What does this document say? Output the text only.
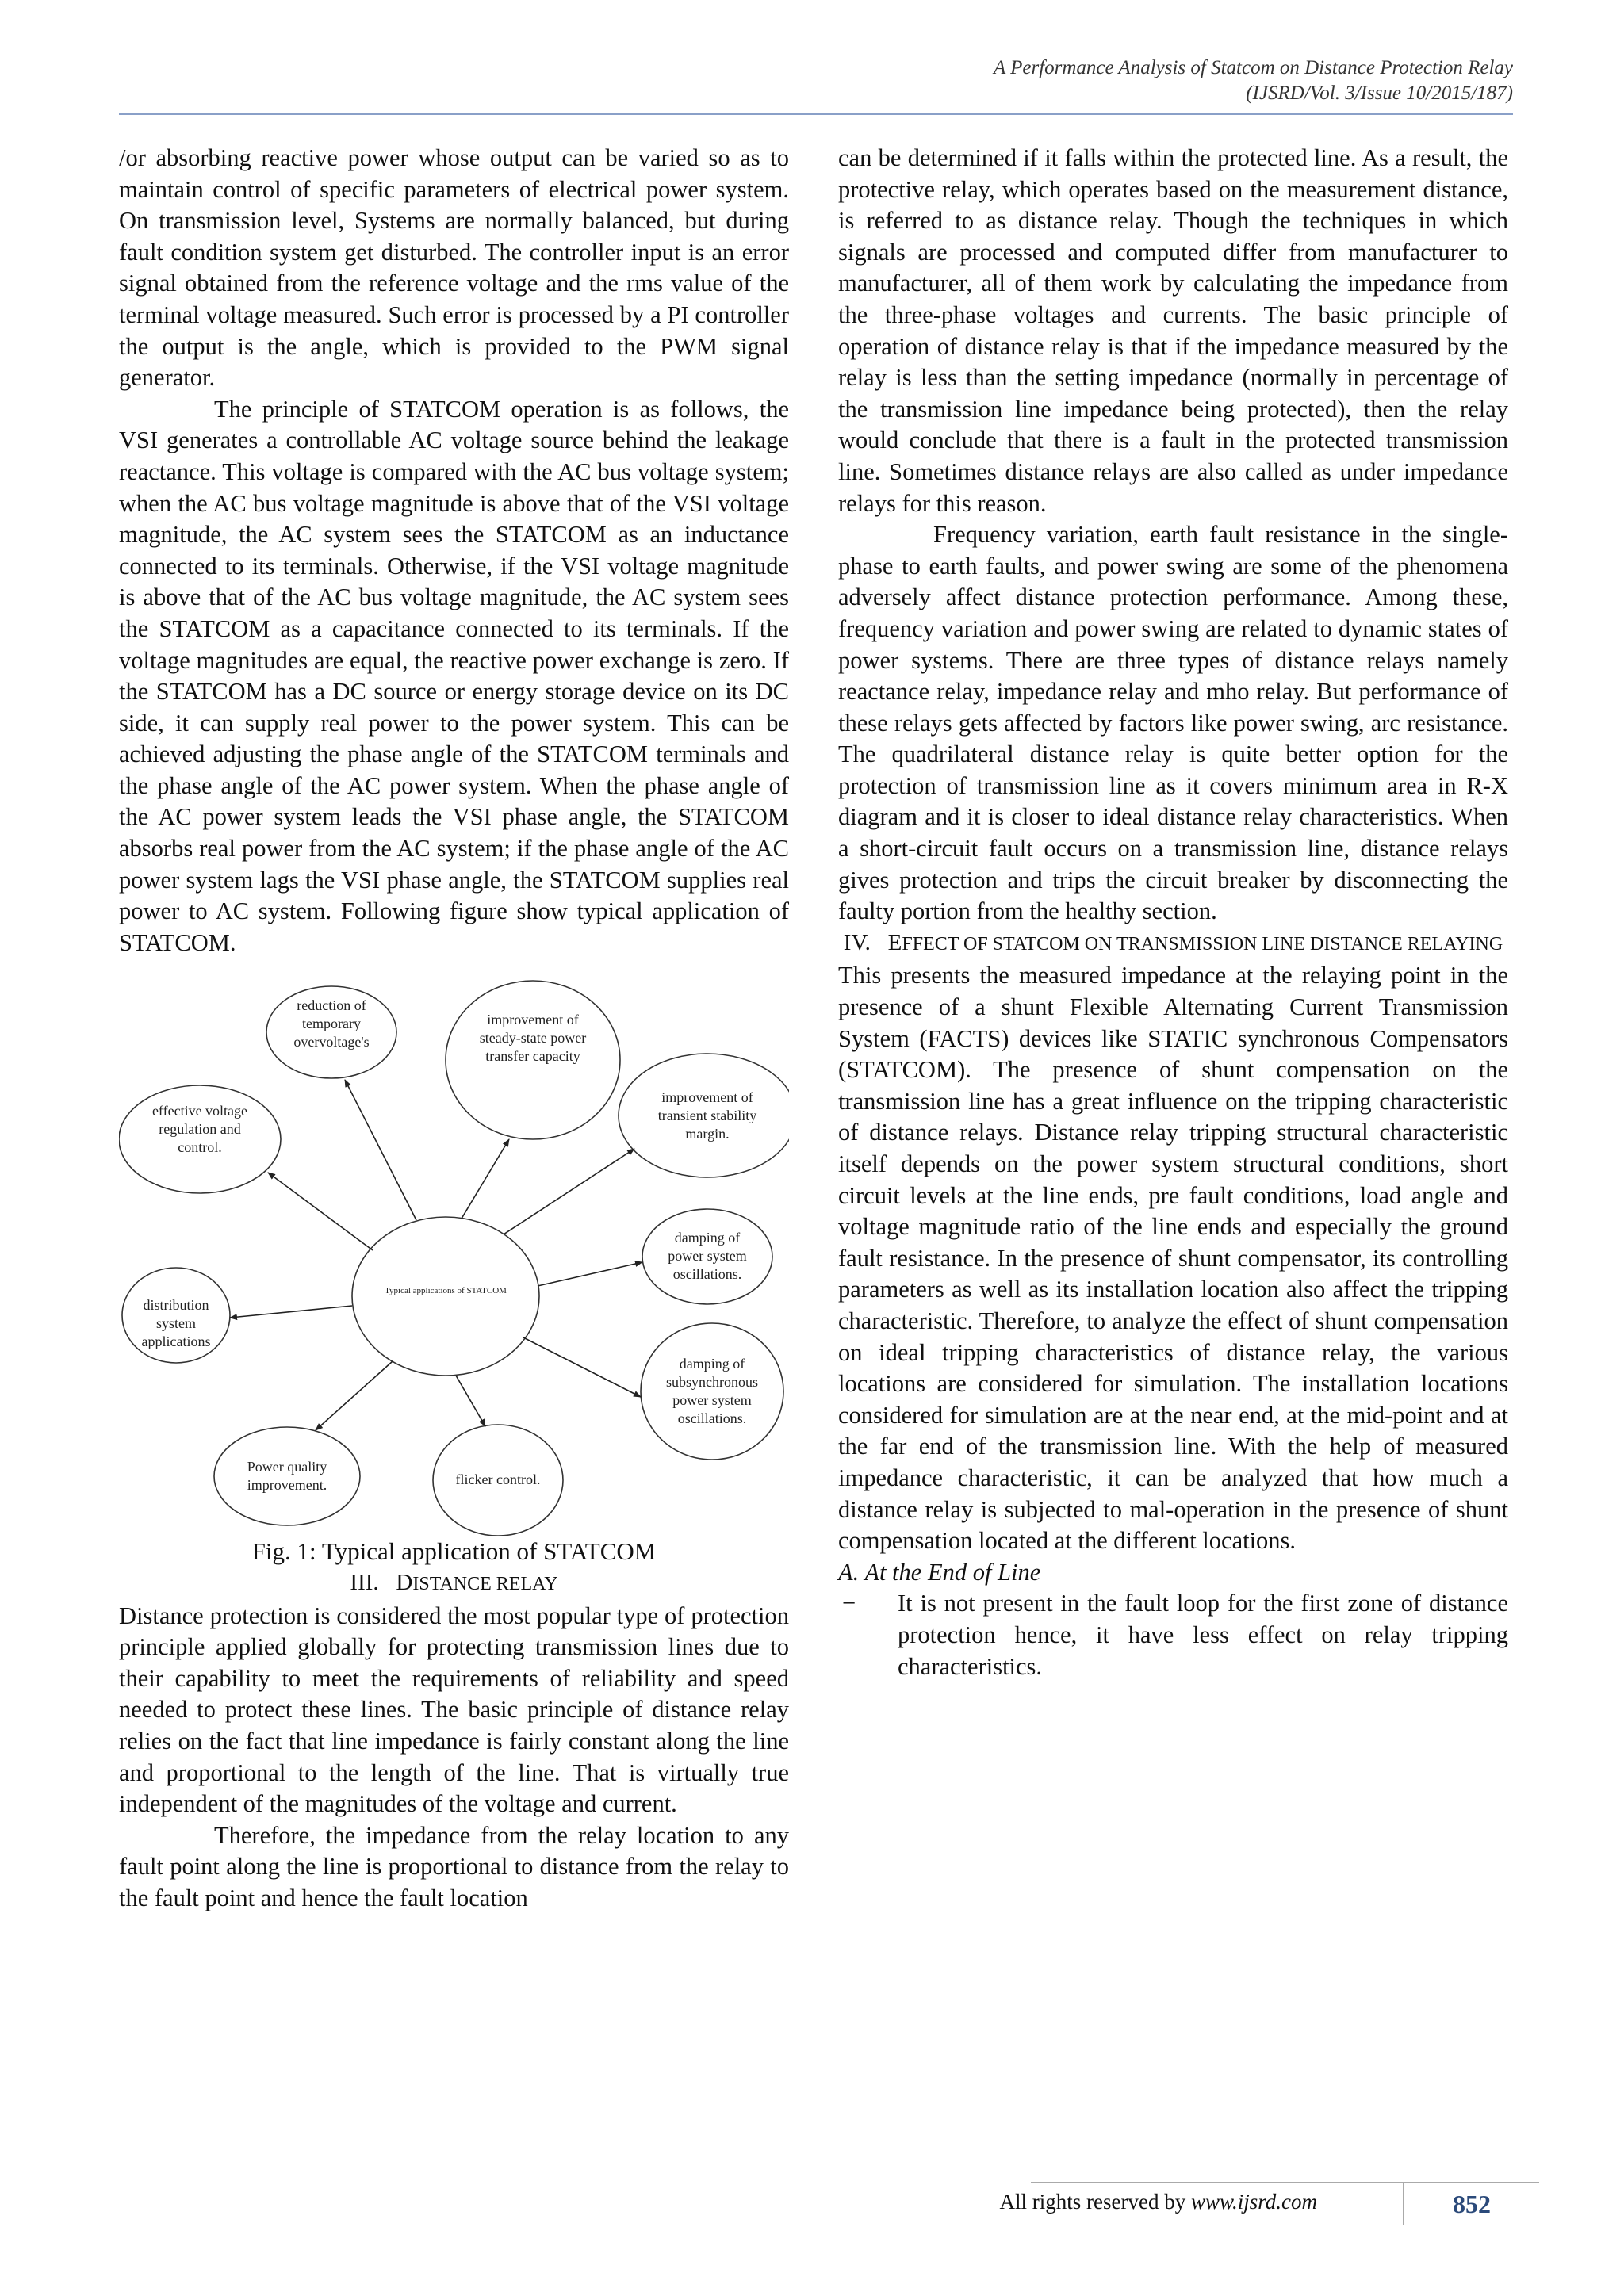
A Performance Analysis of Statcom on Distance Protection Relay
(IJSRD/Vol. 3/Issue 10/2015/187)

/or absorbing reactive power whose output can be varied so as to maintain control of specific parameters of electrical power system. On transmission level, Systems are normally balanced, but during fault condition system get disturbed. The controller input is an error signal obtained from the reference voltage and the rms value of the terminal voltage measured. Such error is processed by a PI controller the output is the angle, which is provided to the PWM signal generator.

The principle of STATCOM operation is as follows, the VSI generates a controllable AC voltage source behind the leakage reactance. This voltage is compared with the AC bus voltage system; when the AC bus voltage magnitude is above that of the VSI voltage magnitude, the AC system sees the STATCOM as an inductance connected to its terminals. Otherwise, if the VSI voltage magnitude is above that of the AC bus voltage magnitude, the AC system sees the STATCOM as a capacitance connected to its terminals. If the voltage magnitudes are equal, the reactive power exchange is zero. If the STATCOM has a DC source or energy storage device on its DC side, it can supply real power to the power system. This can be achieved adjusting the phase angle of the STATCOM terminals and the phase angle of the AC power system. When the phase angle of the AC power system leads the VSI phase angle, the STATCOM absorbs real power from the AC system; if the phase angle of the AC power system lags the VSI phase angle, the STATCOM supplies real power to AC system. Following figure show typical application of STATCOM.

Typical applications of STATCOM
reduction of temporary overvoltage's
improvement of steady-state power transfer capacity
improvement of transient stability margin.
effective voltage regulation and control.
damping of power system oscillations.
distribution system applications
damping of subsynchronous power system oscillations.
Power quality improvement.	flicker control.

Fig. 1: Typical application of STATCOM

III. DISTANCE RELAY

Distance protection is considered the most popular type of protection principle applied globally for protecting transmission lines due to their capability to meet the requirements of reliability and speed needed to protect these lines. The basic principle of distance relay relies on the fact that line impedance is fairly constant along the line and proportional to the length of the line. That is virtually true independent of the magnitudes of the voltage and current.

Therefore, the impedance from the relay location to any fault point along the line is proportional to distance from the relay to the fault point and hence the fault location

can be determined if it falls within the protected line. As a result, the protective relay, which operates based on the measurement distance, is referred to as distance relay. Though the techniques in which signals are processed and computed differ from manufacturer to manufacturer, all of them work by calculating the impedance from the three-phase voltages and currents. The basic principle of operation of distance relay is that if the impedance measured by the relay is less than the setting impedance (normally in percentage of the transmission line impedance being protected), then the relay would conclude that there is a fault in the protected transmission line. Sometimes distance relays are also called as under impedance relays for this reason.

Frequency variation, earth fault resistance in the single-phase to earth faults, and power swing are some of the phenomena adversely affect distance protection performance. Among these, frequency variation and power swing are related to dynamic states of power systems. There are three types of distance relays namely reactance relay, impedance relay and mho relay. But performance of these relays gets affected by factors like power swing, arc resistance. The quadrilateral distance relay is quite better option for the protection of transmission line as it covers minimum area in R-X diagram and it is closer to ideal distance relay characteristics. When a short-circuit fault occurs on a transmission line, distance relays gives protection and trips the circuit breaker by disconnecting the faulty portion from the healthy section.

IV. EFFECT OF STATCOM ON TRANSMISSION LINE DISTANCE RELAYING

This presents the measured impedance at the relaying point in the presence of a shunt Flexible Alternating Current Transmission System (FACTS) devices like STATIC synchronous Compensators (STATCOM). The presence of shunt compensation on the transmission line has a great influence on the tripping characteristic of distance relays. Distance relay tripping structural characteristic itself depends on the power system structural conditions, short circuit levels at the line ends, pre fault conditions, load angle and voltage magnitude ratio of the line ends and especially the ground fault resistance. In the presence of shunt compensator, its controlling parameters as well as its installation location also affect the tripping characteristic. Therefore, to analyze the effect of shunt compensation on ideal tripping characteristics of distance relay, the various locations are considered for simulation. The installation locations considered for simulation are at the near end, at the mid-point and at the far end of the transmission line. With the help of measured impedance characteristic, it can be analyzed that how much a distance relay is subjected to mal-operation in the presence of shunt compensation located at the different locations.

A. At the End of Line

− It is not present in the fault loop for the first zone of distance protection hence, it have less effect on relay tripping characteristics.

All rights reserved by www.ijsrd.com	852
